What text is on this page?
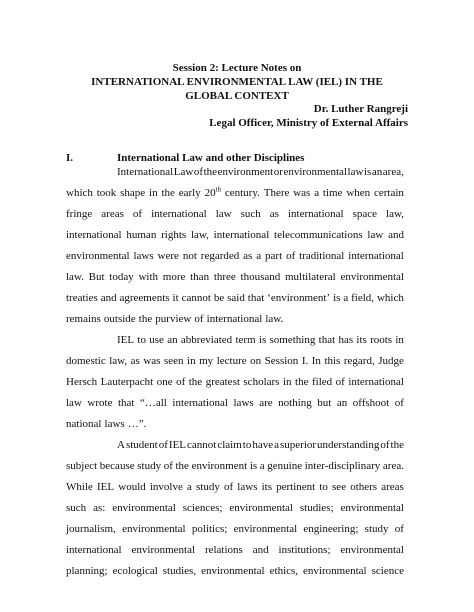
Session 2: Lecture Notes on
INTERNATIONAL ENVIRONMENTAL LAW (IEL) IN THE
GLOBAL CONTEXT
Dr. Luther Rangreji
Legal Officer, Ministry of External Affairs
I.	International Law and other Disciplines
International Law of the environment or environmental law is an area,
which took shape in the early 20th century. There was a time when certain
fringe areas of international law such as international space law,
international human rights law, international telecommunications law and
environmental laws were not regarded as a part of traditional international
law. But today with more than three thousand multilateral environmental
treaties and agreements it cannot be said that ‘environment’ is a field, which
remains outside the purview of international law.
IEL to use an abbreviated term is something that has its roots in
domestic law, as was seen in my lecture on Session I. In this regard, Judge
Hersch Lauterpacht one of the greatest scholars in the filed of international
law wrote that “…all international laws are nothing but an offshoot of
national laws …”.
A student of IEL cannot claim to have a superior understanding of the
subject because study of the environment is a genuine inter-disciplinary area.
While IEL would involve a study of laws its pertinent to see others areas
such as: environmental sciences; environmental studies; environmental
journalism, environmental politics; environmental engineering; study of
international environmental relations and institutions; environmental
planning; ecological studies, environmental ethics, environmental science
